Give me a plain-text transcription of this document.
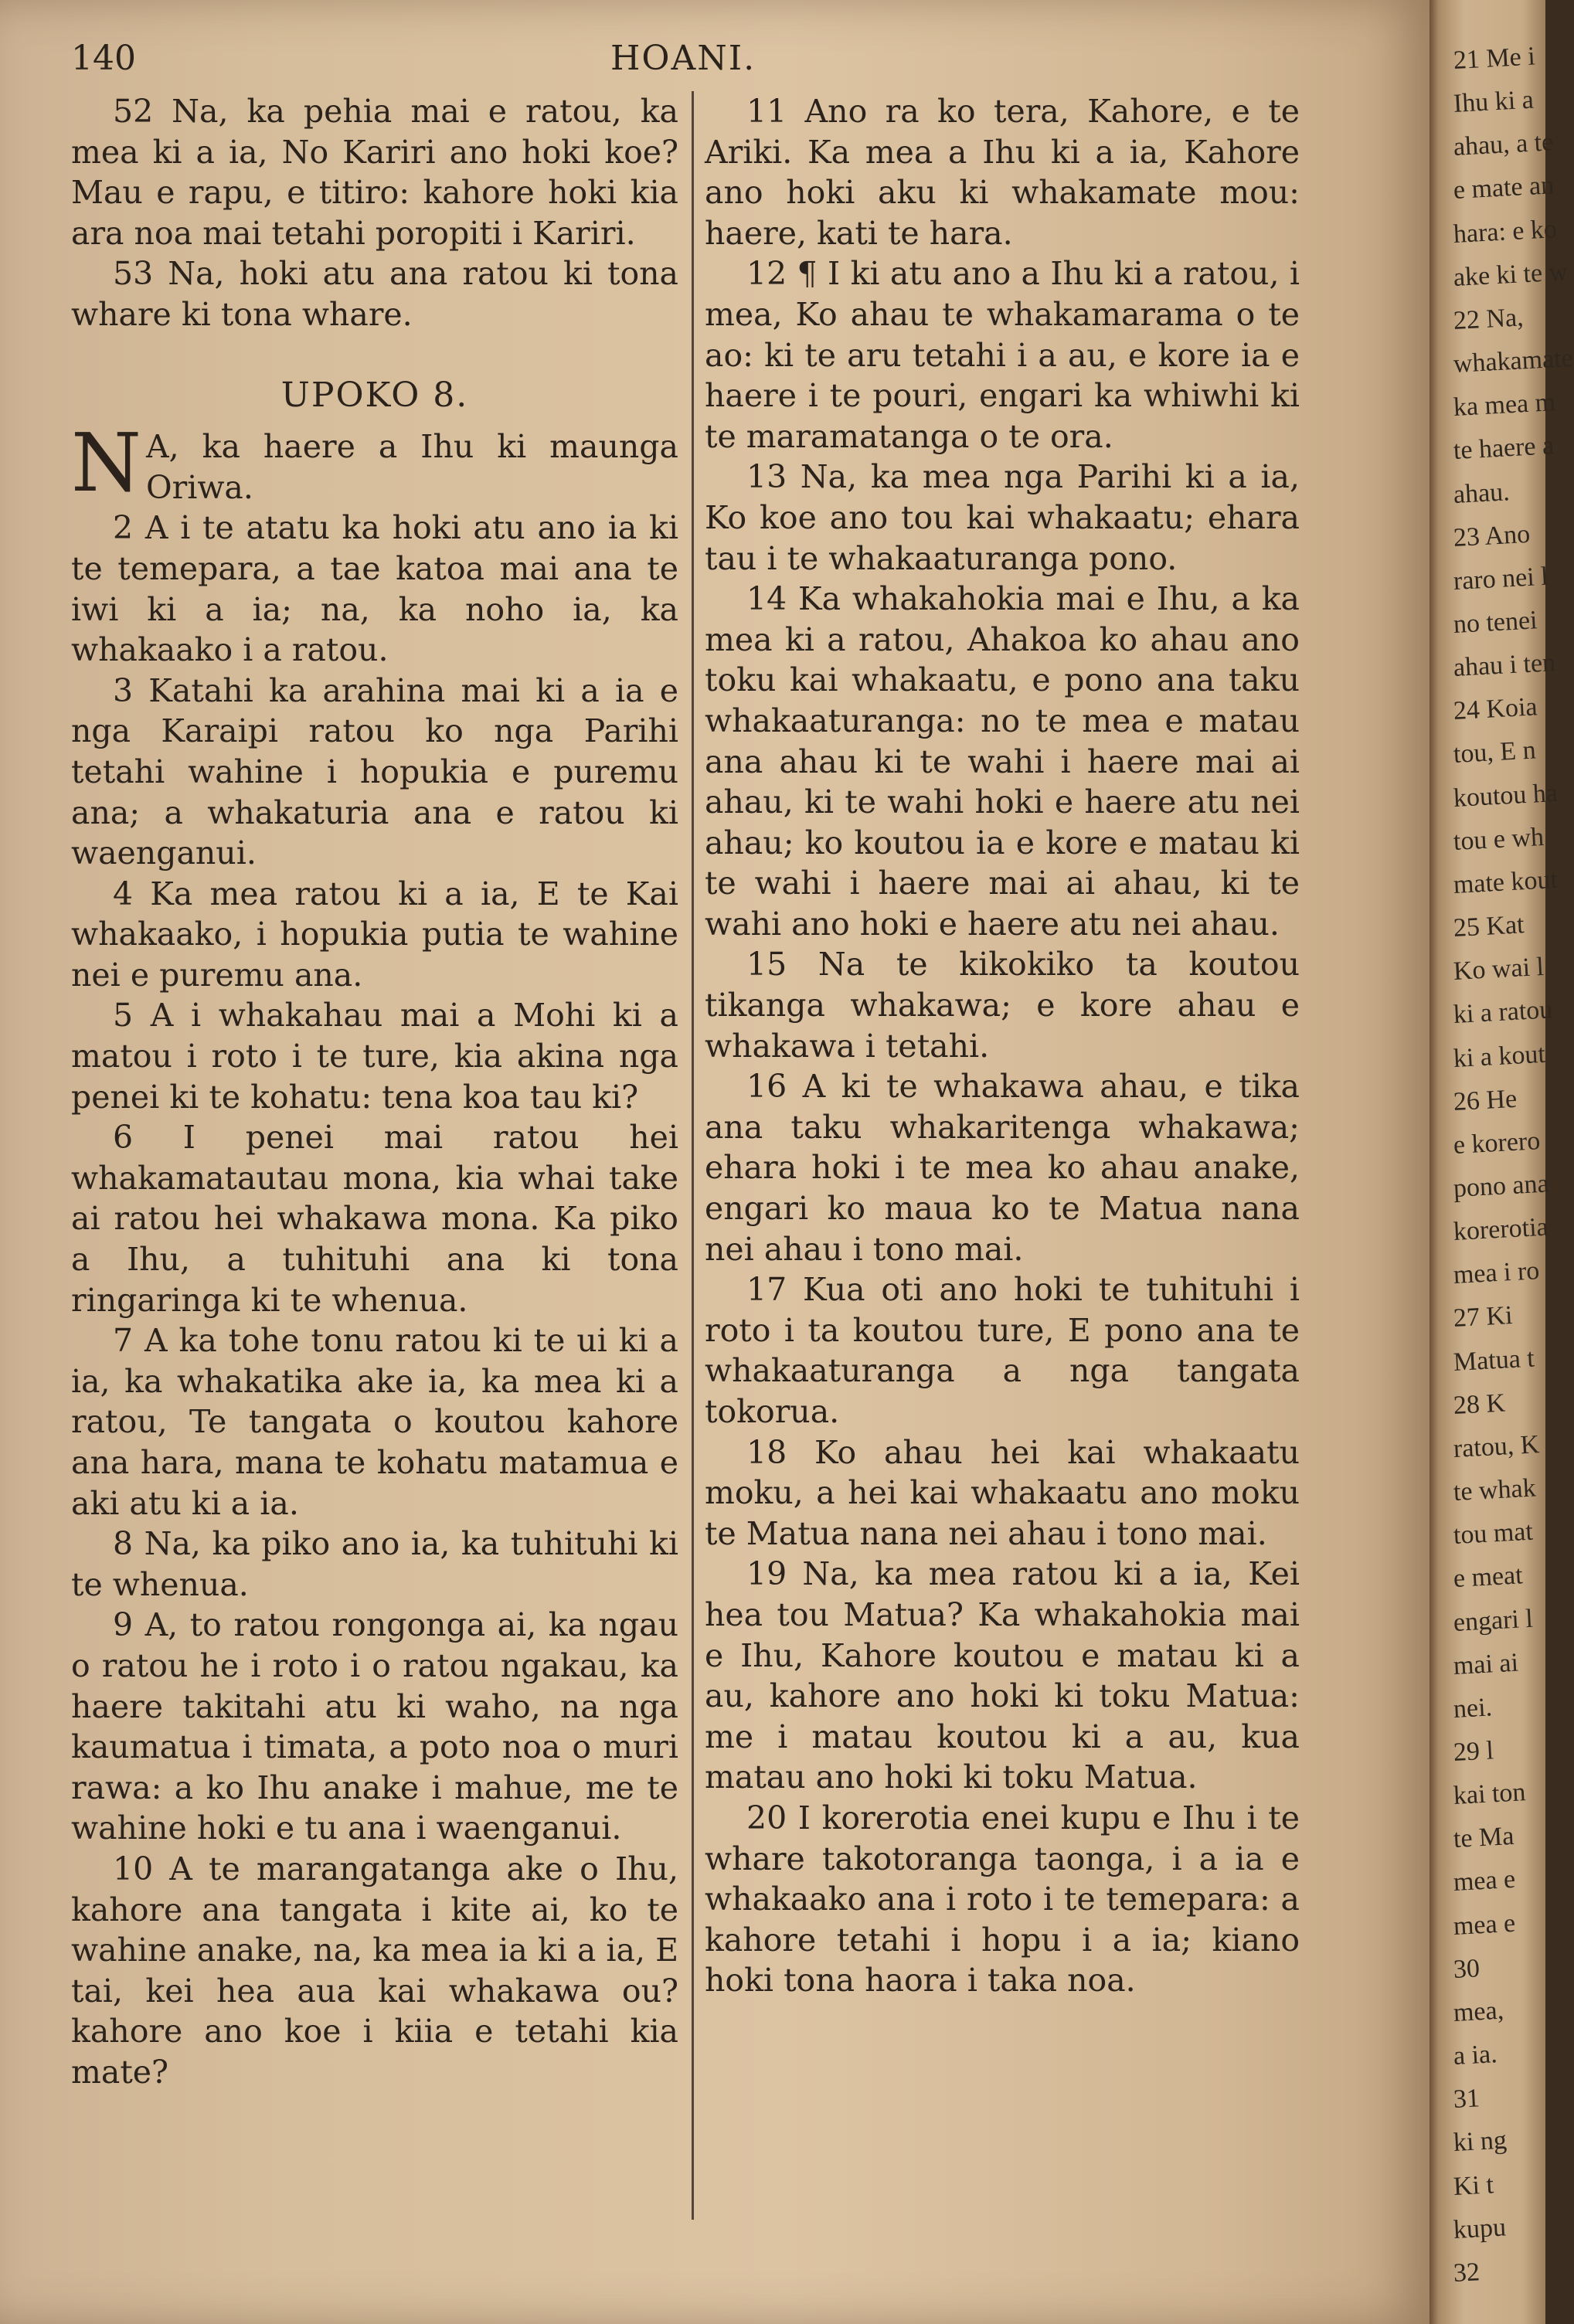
140	HOANI.

52 Na, ka pehia mai e ratou, ka mea ki a ia, No Kariri ano hoki koe? Mau e rapu, e titiro: kahore hoki kia ara noa mai tetahi poropiti i Kariri.

53 Na, hoki atu ana ratou ki tona whare ki tona whare.

UPOKO 8.

N A, ka haere a Ihu ki maunga Oriwa.

2 A i te atatu ka hoki atu ano ia ki te temepara, a tae katoa mai ana te iwi ki a ia; na, ka noho ia, ka whakaako i a ratou.

3 Katahi ka arahina mai ki a ia e nga Karaipi ratou ko nga Parihi tetahi wahine i hopukia e puremu ana; a whakaturia ana e ratou ki waenganui.

4 Ka mea ratou ki a ia, E te Kai whakaako, i hopukia putia te wahine nei e puremu ana.

5 A i whakahau mai a Mohi ki a matou i roto i te ture, kia akina nga penei ki te kohatu: tena koa tau ki?

6 I penei mai ratou hei whakamatautau mona, kia whai take ai ratou hei whakawa mona. Ka piko a Ihu, a tuhituhi ana ki tona ringaringa ki te whenua.

7 A ka tohe tonu ratou ki te ui ki a ia, ka whakatika ake ia, ka mea ki a ratou, Te tangata o koutou kahore ana hara, mana te kohatu matamua e aki atu ki a ia.

8 Na, ka piko ano ia, ka tuhituhi ki te whenua.

9 A, to ratou rongonga ai, ka ngau o ratou he i roto i o ratou ngakau, ka haere takitahi atu ki waho, na nga kaumatua i timata, a poto noa o muri rawa: a ko Ihu anake i mahue, me te wahine hoki e tu ana i waenganui.

10 A te marangatanga ake o Ihu, kahore ana tangata i kite ai, ko te wahine anake, na, ka mea ia ki a ia, E tai, kei hea aua kai whakawa ou? kahore ano koe i kiia e tetahi kia mate?

11 Ano ra ko tera, Kahore, e te Ariki. Ka mea a Ihu ki a ia, Kahore ano hoki aku ki whakamate mou: haere, kati te hara.

12 ¶ I ki atu ano a Ihu ki a ratou, i mea, Ko ahau te whakamarama o te ao: ki te aru tetahi i a au, e kore ia e haere i te pouri, engari ka whiwhi ki te maramatanga o te ora.

13 Na, ka mea nga Parihi ki a ia, Ko koe ano tou kai whakaatu; ehara tau i te whakaaturanga pono.

14 Ka whakahokia mai e Ihu, a ka mea ki a ratou, Ahakoa ko ahau ano toku kai whakaatu, e pono ana taku whakaaturanga: no te mea e matau ana ahau ki te wahi i haere mai ai ahau, ki te wahi hoki e haere atu nei ahau; ko koutou ia e kore e matau ki te wahi i haere mai ai ahau, ki te wahi ano hoki e haere atu nei ahau.

15 Na te kikokiko ta koutou tikanga whakawa; e kore ahau e whakawa i tetahi.

16 A ki te whakawa ahau, e tika ana taku whakaritenga whakawa; ehara hoki i te mea ko ahau anake, engari ko maua ko te Matua nana nei ahau i tono mai.

17 Kua oti ano hoki te tuhituhi i roto i ta koutou ture, E pono ana te whakaaturanga a nga tangata tokorua.

18 Ko ahau hei kai whakaatu moku, a hei kai whakaatu ano moku te Matua nana nei ahau i tono mai.

19 Na, ka mea ratou ki a ia, Kei hea tou Matua? Ka whakahokia mai e Ihu, Kahore koutou e matau ki a au, kahore ano hoki ki toku Matua: me i matau koutou ki a au, kua matau ano hoki ki toku Matua.

20 I korerotia enei kupu e Ihu i te whare takotoranga taonga, i a ia e whakaako ana i roto i te temepara: a kahore tetahi i hopu i a ia; kiano hoki tona haora i taka noa.

21 Me i
Ihu ki a
ahau, a te
e mate an
hara: e ko
ake ki te w
22 Na,
whakamate
ka mea m
te haere a
ahau.
23 Ano
raro nei l
no tenei
ahau i ten
24 Koia
tou, E n
koutou ha
tou e wh
mate kout
25 Kat
Ko wai l
ki a ratou
ki a kout
26 He
e korero
pono ana
korerotia
mea i ro
27 Ki
Matua t
28 K
ratou, K
te whak
tou mat
e meat
engari l
mai ai
nei.
29 l
kai ton
te Ma
mea e
mea e
30
mea,
a ia.
31
ki ng
Ki t
kupu
32
